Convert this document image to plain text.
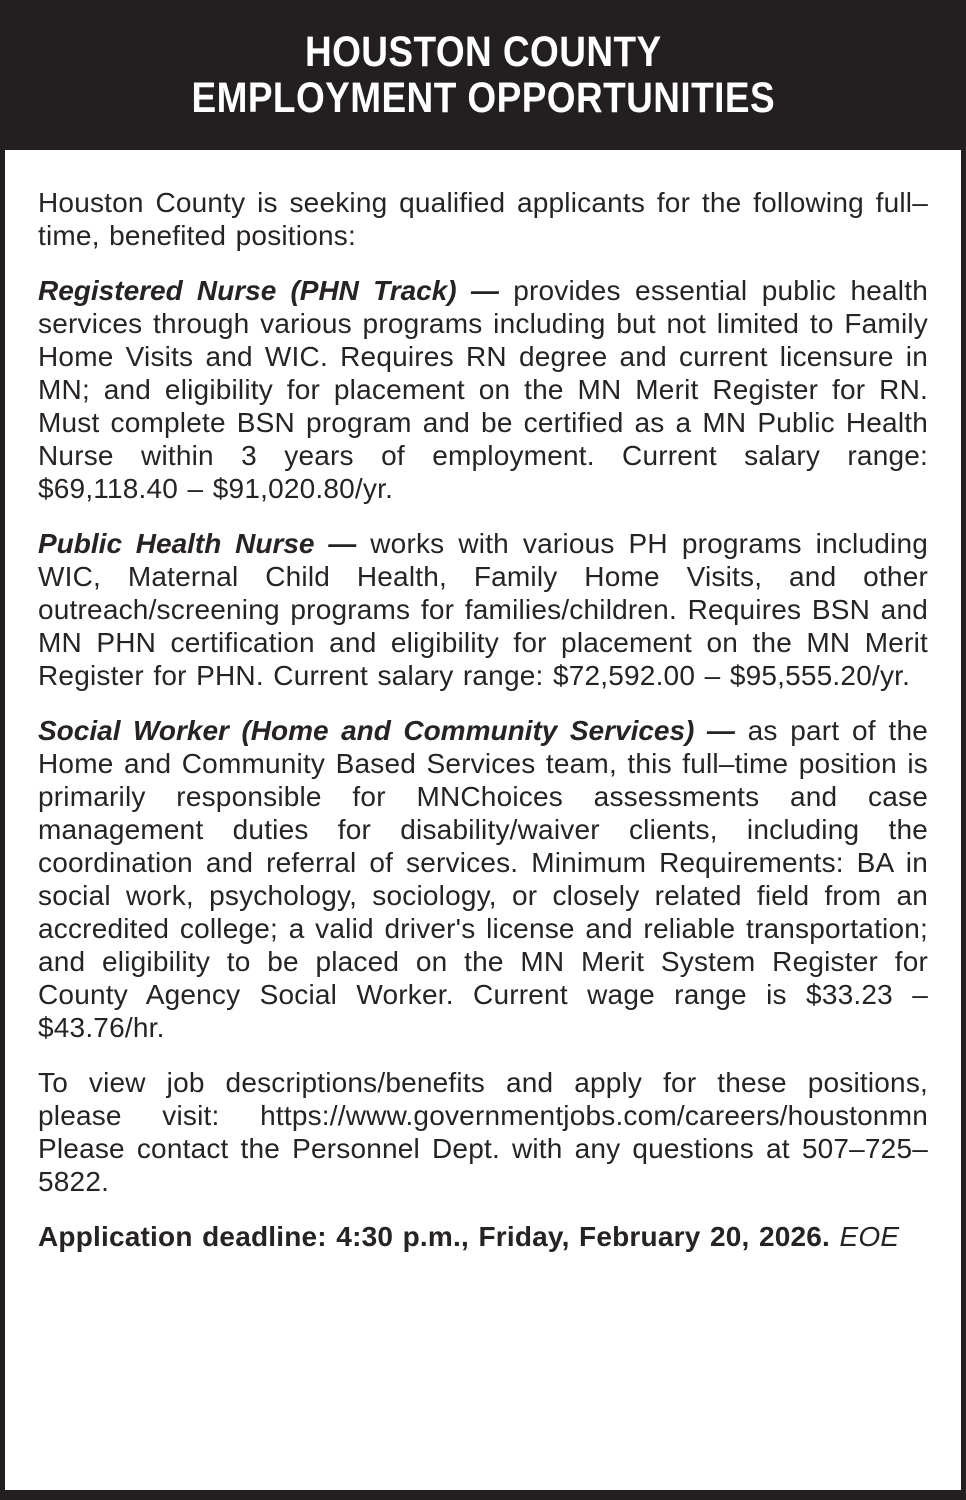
HOUSTON COUNTY
EMPLOYMENT OPPORTUNITIES

Houston County is seeking qualified applicants for the following full–time, benefited positions:

Registered Nurse (PHN Track) — provides essential public health services through various programs including but not limited to Family Home Visits and WIC. Requires RN degree and current licensure in MN; and eligibility for placement on the MN Merit Register for RN. Must complete BSN program and be certified as a MN Public Health Nurse within 3 years of employment. Current salary range: $69,118.40 – $91,020.80/yr.

Public Health Nurse — works with various PH programs including WIC, Maternal Child Health, Family Home Visits, and other outreach/screening programs for families/children. Requires BSN and MN PHN certification and eligibility for placement on the MN Merit Register for PHN. Current salary range: $72,592.00 – $95,555.20/yr.

Social Worker (Home and Community Services) — as part of the Home and Community Based Services team, this full–time position is primarily responsible for MNChoices assessments and case management duties for disability/waiver clients, including the coordination and referral of services. Minimum Requirements: BA in social work, psychology, sociology, or closely related field from an accredited college; a valid driver's license and reliable transportation; and eligibility to be placed on the MN Merit System Register for County Agency Social Worker. Current wage range is $33.23 – $43.76/hr.

To view job descriptions/benefits and apply for these positions, please visit: https://www.governmentjobs.com/careers/houstonmn Please contact the Personnel Dept. with any questions at 507–725–5822.

Application deadline: 4:30 p.m., Friday, February 20, 2026. EOE
